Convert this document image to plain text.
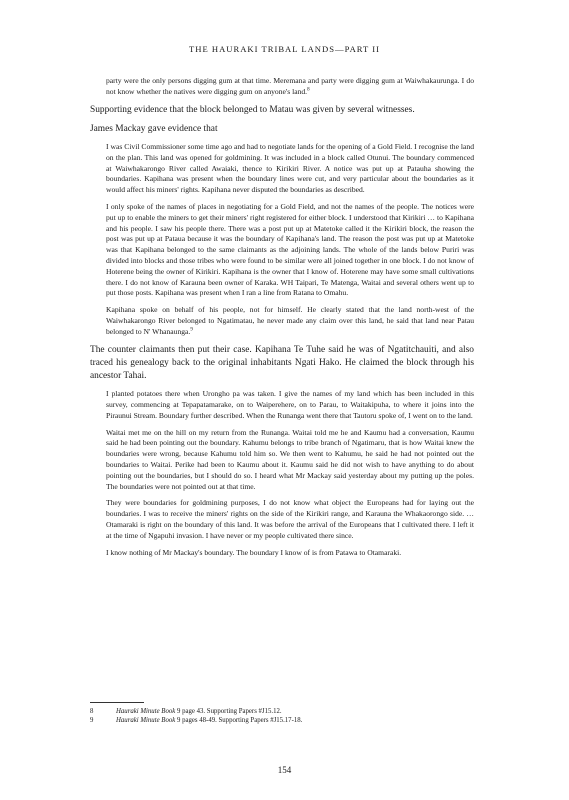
THE HAURAKI TRIBAL LANDS—PART II

party were the only persons digging gum at that time. Meremana and party were digging gum at Waiwhakaurunga. I do not know whether the natives were digging gum on anyone's land.$^8$

Supporting evidence that the block belonged to Matau was given by several witnesses.

James Mackay gave evidence that

I was Civil Commissioner some time ago and had to negotiate lands for the opening of a Gold Field. I recognise the land on the plan. This land was opened for goldmining. It was included in a block called Otunui. The boundary commenced at Waiwhakarongo River called Awaiaki, thence to Kirikiri River. A notice was put up at Patauha showing the boundaries. Kapihana was present when the boundary lines were cut, and very particular about the boundaries as it would affect his miners' rights. Kapihana never disputed the boundaries as described.

I only spoke of the names of places in negotiating for a Gold Field, and not the names of the people. The notices were put up to enable the miners to get their miners' right registered for either block. I understood that Kirikiri … to Kapihana and his people. I saw his people there. There was a post put up at Matetoke called it the Kirikiri block, the reason the post was put up at Pataua because it was the boundary of Kapihana's land. The reason the post was put up at Matetoke was that Kapihana belonged to the same claimants as the adjoining lands. The whole of the lands below Puriri was divided into blocks and those tribes who were found to be similar were all joined together in one block. I do not know of Hoterene being the owner of Kirikiri. Kapihana is the owner that I know of. Hoterene may have some small cultivations there. I do not know of Karauna been owner of Karaka. WH Taipari, Te Matenga, Waitai and several others went up to put those posts. Kapihana was present when I ran a line from Ratana to Omahu.

Kapihana spoke on behalf of his people, not for himself. He clearly stated that the land north-west of the Waiwhakarongo River belonged to Ngatimatau, he never made any claim over this land, he said that land near Patau belonged to N' Whanaunga.$^9$

The counter claimants then put their case. Kapihana Te Tuhe said he was of Ngatitchauiti, and also traced his genealogy back to the original inhabitants Ngati Hako. He claimed the block through his ancestor Tahai.

I planted potatoes there when Urongho pa was taken. I give the names of my land which has been included in this survey, commencing at Tepapatamarake, on to Waiperehere, on to Parau, to Waitakipuha, to where it joins into the Piraunui Stream. Boundary further described. When the Runanga went there that Tautoru spoke of, I went on to the land.

Waitai met me on the hill on my return from the Runanga. Waitai told me he and Kaumu had a conversation, Kaumu said he had been pointing out the boundary. Kahumu belongs to tribe branch of Ngatimaru, that is how Waitai knew the boundaries were wrong, because Kahumu told him so. We then went to Kahumu, he said he had not pointed out the boundaries to Waitai. Perike had been to Kaumu about it. Kaumu said he did not wish to have anything to do about pointing out the boundaries, but I should do so. I heard what Mr Mackay said yesterday about my putting up the poles. The boundaries were not pointed out at that time.

They were boundaries for goldmining purposes, I do not know what object the Europeans had for laying out the boundaries. I was to receive the miners' rights on the side of the Kirikiri range, and Karauna the Whakaorongo side. … Otamaraki is right on the boundary of this land. It was before the arrival of the Europeans that I cultivated there. I left it at the time of Ngapuhi invasion. I have never or my people cultivated there since.

I know nothing of Mr Mackay's boundary. The boundary I know of is from Patawa to Otamaraki.

8	Hauraki Minute Book 9 page 43. Supporting Papers #J15.12.
9	Hauraki Minute Book 9 pages 48-49. Supporting Papers #J15.17-18.
154
